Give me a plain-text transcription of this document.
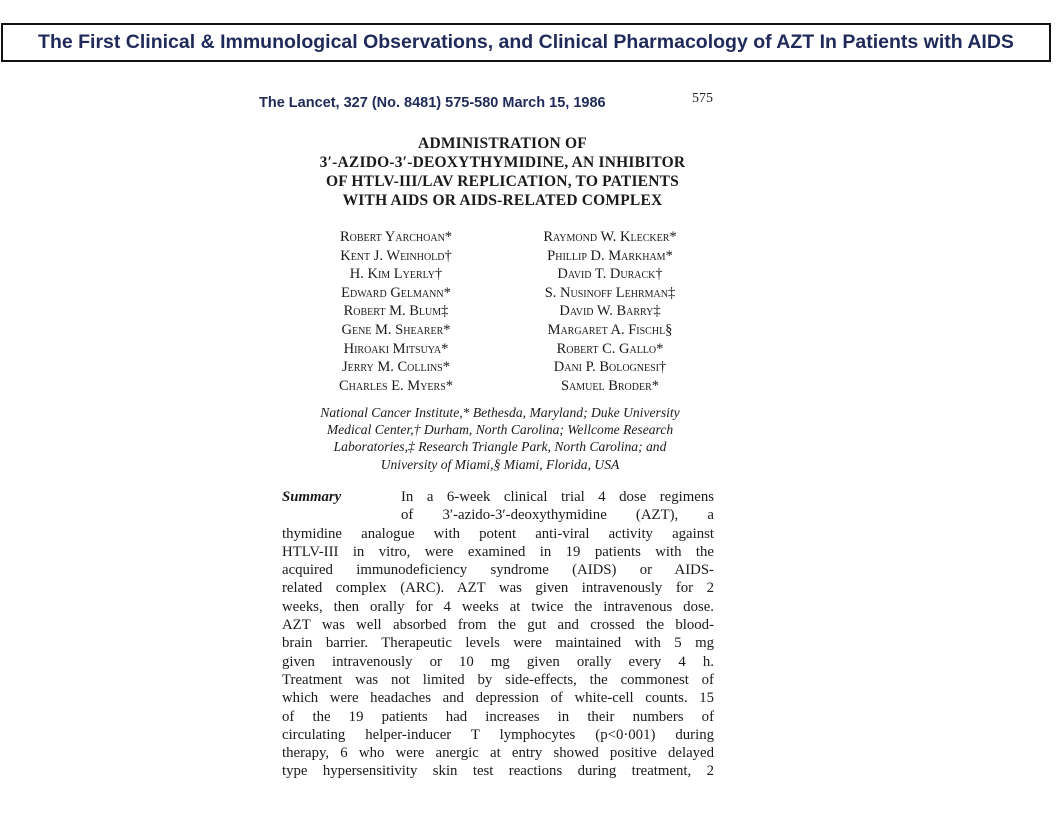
The First Clinical & Immunological Observations, and Clinical Pharmacology of AZT In Patients with AIDS
The Lancet, 327 (No. 8481) 575-580 March 15, 1986	575
ADMINISTRATION OF
3′-AZIDO-3′-DEOXYTHYMIDINE, AN INHIBITOR
OF HTLV-III/LAV REPLICATION, TO PATIENTS
WITH AIDS OR AIDS-RELATED COMPLEX
Robert Yarchoan*
Kent J. Weinhold†
H. Kim Lyerly†
Edward Gelmann*
Robert M. Blum‡
Gene M. Shearer*
Hiroaki Mitsuya*
Jerry M. Collins*
Charles E. Myers*
Raymond W. Klecker*
Phillip D. Markham*
David T. Durack†
S. Nusinoff Lehrman‡
David W. Barry‡
Margaret A. Fischl§
Robert C. Gallo*
Dani P. Bolognesi†
Samuel Broder*
National Cancer Institute,* Bethesda, Maryland; Duke University
Medical Center,† Durham, North Carolina; Wellcome Research
Laboratories,‡ Research Triangle Park, North Carolina; and
University of Miami,§ Miami, Florida, USA
Summary	In a 6-week clinical trial 4 dose regimens
of 3′-azido-3′-deoxythymidine (AZT), a
thymidine analogue with potent anti-viral activity against
HTLV-III in vitro, were examined in 19 patients with the
acquired immunodeficiency syndrome (AIDS) or AIDS-
related complex (ARC). AZT was given intravenously for 2
weeks, then orally for 4 weeks at twice the intravenous dose.
AZT was well absorbed from the gut and crossed the blood-
brain barrier. Therapeutic levels were maintained with 5 mg
given intravenously or 10 mg given orally every 4 h.
Treatment was not limited by side-effects, the commonest of
which were headaches and depression of white-cell counts. 15
of the 19 patients had increases in their numbers of
circulating helper-inducer T lymphocytes (p<0·001) during
therapy, 6 who were anergic at entry showed positive delayed
type hypersensitivity skin test reactions during treatment, 2
